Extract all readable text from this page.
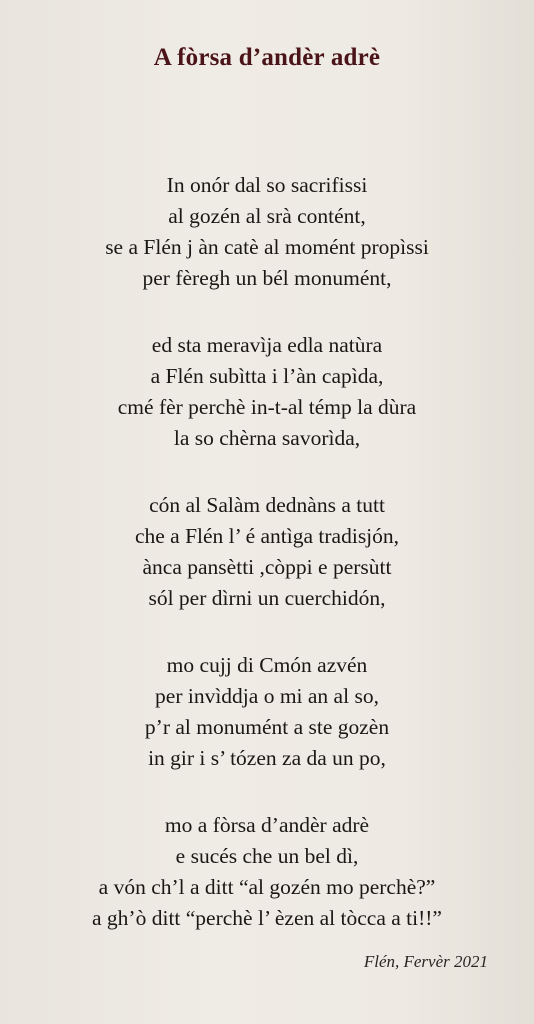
A fòrsa d’andèr adrè
In onór dal so sacrifissi
al gozén al srà contént,
se a Flén j àn catè al momént propìssi
per fèregh un bél monumént,
ed sta meravìja edla natùra
a Flén subìtta i l’àn capìda,
cmé fèr perchè in-t-al témp la dùra
la so chèrna savorìda,
cón al Salàm dednàns a tutt
che a Flén l’ é antìga tradisjón,
ànca pansètti ,còppi e persùtt
sól per dìrni un cuerchidón,
mo cujj di Cmón azvén
per invìddja o mi an al so,
p’r al monumént a ste gozèn
in gir i s’ tózen za da un po,
mo a fòrsa d’andèr adrè
e sucés che un bel dì,
a vón ch’l a ditt “al gozén mo perchè?”
a gh’ò ditt “perchè l’ èzen al tòcca a ti!!”
Flén, Fervèr 2021
